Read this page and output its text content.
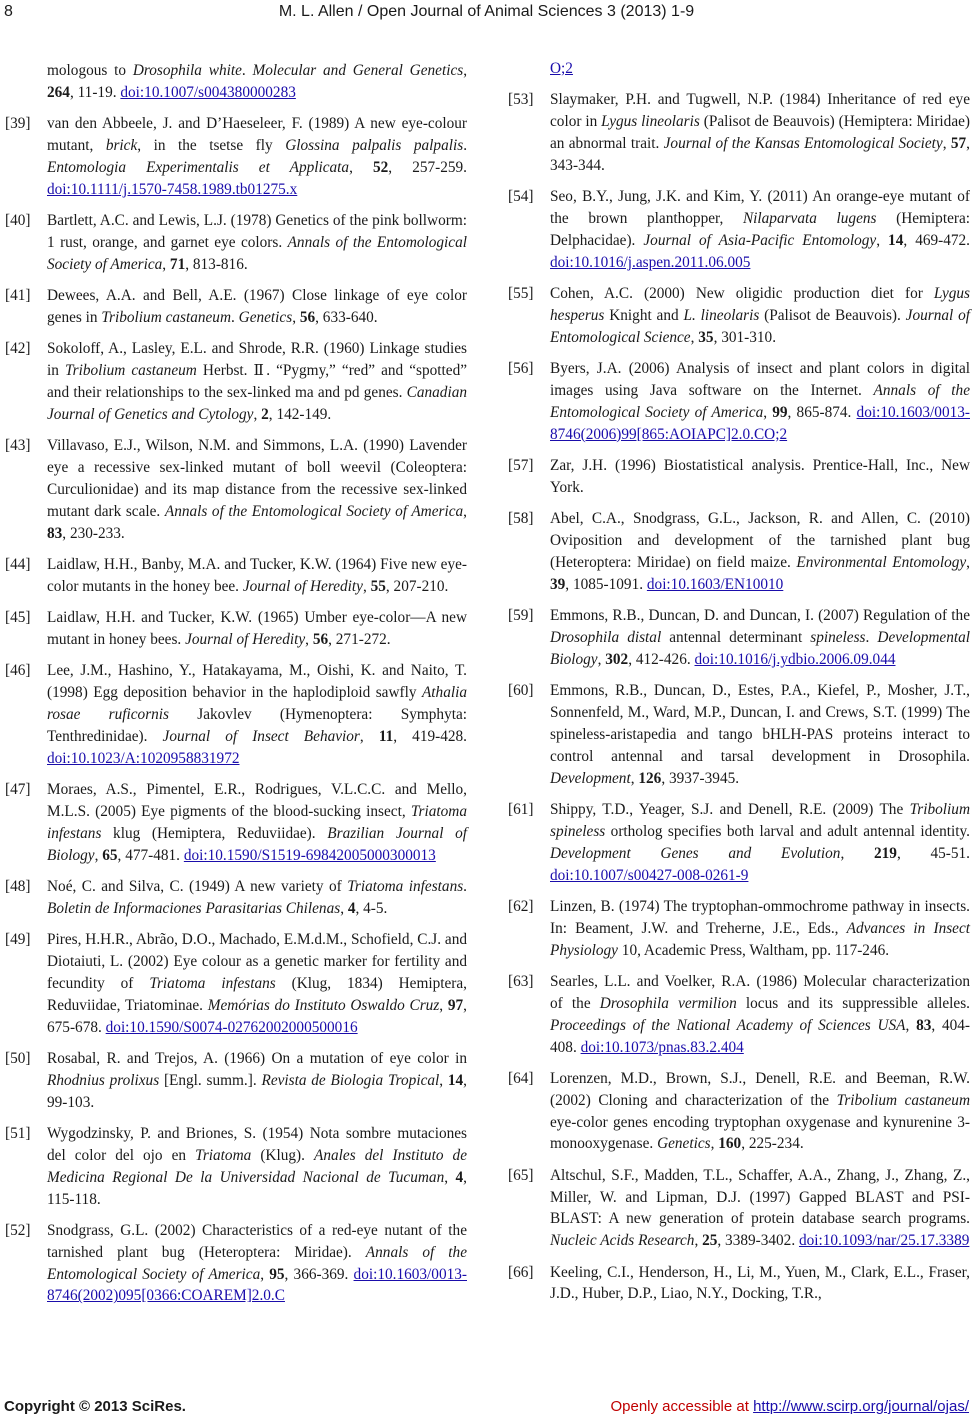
8	M. L. Allen / Open Journal of Animal Sciences 3 (2013) 1-9
mologous to Drosophila white. Molecular and General Genetics, 264, 11-19. doi:10.1007/s004380000283
[39] van den Abbeele, J. and D’Haeseleer, F. (1989) A new eye-colour mutant, brick, in the tsetse fly Glossina palpalis palpalis. Entomologia Experimentalis et Applicata, 52, 257-259. doi:10.1111/j.1570-7458.1989.tb01275.x
[40] Bartlett, A.C. and Lewis, L.J. (1978) Genetics of the pink bollworm: 1 rust, orange, and garnet eye colors. Annals of the Entomological Society of America, 71, 813-816.
[41] Dewees, A.A. and Bell, A.E. (1967) Close linkage of eye color genes in Tribolium castaneum. Genetics, 56, 633-640.
[42] Sokoloff, A., Lasley, E.L. and Shrode, R.R. (1960) Linkage studies in Tribolium castaneum Herbst. Ⅱ. “Pygmy,” “red” and “spotted” and their relationships to the sex-linked ma and pd genes. Canadian Journal of Genetics and Cytology, 2, 142-149.
[43] Villavaso, E.J., Wilson, N.M. and Simmons, L.A. (1990) Lavender eye a recessive sex-linked mutant of boll weevil (Coleoptera: Curculionidae) and its map distance from the recessive sex-linked mutant dark scale. Annals of the Entomological Society of America, 83, 230-233.
[44] Laidlaw, H.H., Banby, M.A. and Tucker, K.W. (1964) Five new eye-color mutants in the honey bee. Journal of Heredity, 55, 207-210.
[45] Laidlaw, H.H. and Tucker, K.W. (1965) Umber eye-color—A new mutant in honey bees. Journal of Heredity, 56, 271-272.
[46] Lee, J.M., Hashino, Y., Hatakayama, M., Oishi, K. and Naito, T. (1998) Egg deposition behavior in the haplodiploid sawfly Athalia rosae ruficornis Jakovlev (Hymenoptera: Symphyta: Tenthredinidae). Journal of Insect Behavior, 11, 419-428. doi:10.1023/A:1020958831972
[47] Moraes, A.S., Pimentel, E.R., Rodrigues, V.L.C.C. and Mello, M.L.S. (2005) Eye pigments of the blood-sucking insect, Triatoma infestans klug (Hemiptera, Reduviidae). Brazilian Journal of Biology, 65, 477-481. doi:10.1590/S1519-69842005000300013
[48] Noé, C. and Silva, C. (1949) A new variety of Triatoma infestans. Boletin de Informaciones Parasitarias Chilenas, 4, 4-5.
[49] Pires, H.H.R., Abrão, D.O., Machado, E.M.d.M., Schofield, C.J. and Diotaiuti, L. (2002) Eye colour as a genetic marker for fertility and fecundity of Triatoma infestans (Klug, 1834) Hemiptera, Reduviidae, Triatominae. Memórias do Instituto Oswaldo Cruz, 97, 675-678. doi:10.1590/S0074-02762002000500016
[50] Rosabal, R. and Trejos, A. (1966) On a mutation of eye color in Rhodnius prolixus [Engl. summ.]. Revista de Biologia Tropical, 14, 99-103.
[51] Wygodzinsky, P. and Briones, S. (1954) Nota sombre mutaciones del color del ojo en Triatoma (Klug). Anales del Instituto de Medicina Regional De la Universidad Nacional de Tucuman, 4, 115-118.
[52] Snodgrass, G.L. (2002) Characteristics of a red-eye nutant of the tarnished plant bug (Heteroptera: Miridae). Annals of the Entomological Society of America, 95, 366-369. doi:10.1603/0013-8746(2002)095[0366:COAREM]2.0.C
O;2
[53] Slaymaker, P.H. and Tugwell, N.P. (1984) Inheritance of red eye color in Lygus lineolaris (Palisot de Beauvois) (Hemiptera: Miridae) an abnormal trait. Journal of the Kansas Entomological Society, 57, 343-344.
[54] Seo, B.Y., Jung, J.K. and Kim, Y. (2011) An orange-eye mutant of the brown planthopper, Nilaparvata lugens (Hemiptera: Delphacidae). Journal of Asia-Pacific Entomology, 14, 469-472. doi:10.1016/j.aspen.2011.06.005
[55] Cohen, A.C. (2000) New oligidic production diet for Lygus hesperus Knight and L. lineolaris (Palisot de Beauvois). Journal of Entomological Science, 35, 301-310.
[56] Byers, J.A. (2006) Analysis of insect and plant colors in digital images using Java software on the Internet. Annals of the Entomological Society of America, 99, 865-874. doi:10.1603/0013-8746(2006)99[865:AOIAPC]2.0.CO;2
[57] Zar, J.H. (1996) Biostatistical analysis. Prentice-Hall, Inc., New York.
[58] Abel, C.A., Snodgrass, G.L., Jackson, R. and Allen, C. (2010) Oviposition and development of the tarnished plant bug (Heteroptera: Miridae) on field maize. Environmental Entomology, 39, 1085-1091. doi:10.1603/EN10010
[59] Emmons, R.B., Duncan, D. and Duncan, I. (2007) Regulation of the Drosophila distal antennal determinant spineless. Developmental Biology, 302, 412-426. doi:10.1016/j.ydbio.2006.09.044
[60] Emmons, R.B., Duncan, D., Estes, P.A., Kiefel, P., Mosher, J.T., Sonnenfeld, M., Ward, M.P., Duncan, I. and Crews, S.T. (1999) The spineless-aristapedia and tango bHLH-PAS proteins interact to control antennal and tarsal development in Drosophila. Development, 126, 3937-3945.
[61] Shippy, T.D., Yeager, S.J. and Denell, R.E. (2009) The Tribolium spineless ortholog specifies both larval and adult antennal identity. Development Genes and Evolution, 219, 45-51. doi:10.1007/s00427-008-0261-9
[62] Linzen, B. (1974) The tryptophan-ommochrome pathway in insects. In: Beament, J.W. and Treherne, J.E., Eds., Advances in Insect Physiology 10, Academic Press, Waltham, pp. 117-246.
[63] Searles, L.L. and Voelker, R.A. (1986) Molecular characterization of the Drosophila vermilion locus and its suppressible alleles. Proceedings of the National Academy of Sciences USA, 83, 404-408. doi:10.1073/pnas.83.2.404
[64] Lorenzen, M.D., Brown, S.J., Denell, R.E. and Beeman, R.W. (2002) Cloning and characterization of the Tribolium castaneum eye-color genes encoding tryptophan oxygenase and kynurenine 3-monooxygenase. Genetics, 160, 225-234.
[65] Altschul, S.F., Madden, T.L., Schaffer, A.A., Zhang, J., Zhang, Z., Miller, W. and Lipman, D.J. (1997) Gapped BLAST and PSI-BLAST: A new generation of protein database search programs. Nucleic Acids Research, 25, 3389-3402. doi:10.1093/nar/25.17.3389
[66] Keeling, C.I., Henderson, H., Li, M., Yuen, M., Clark, E.L., Fraser, J.D., Huber, D.P., Liao, N.Y., Docking, T.R.,
Copyright © 2013 SciRes.	Openly accessible at http://www.scirp.org/journal/ojas/
